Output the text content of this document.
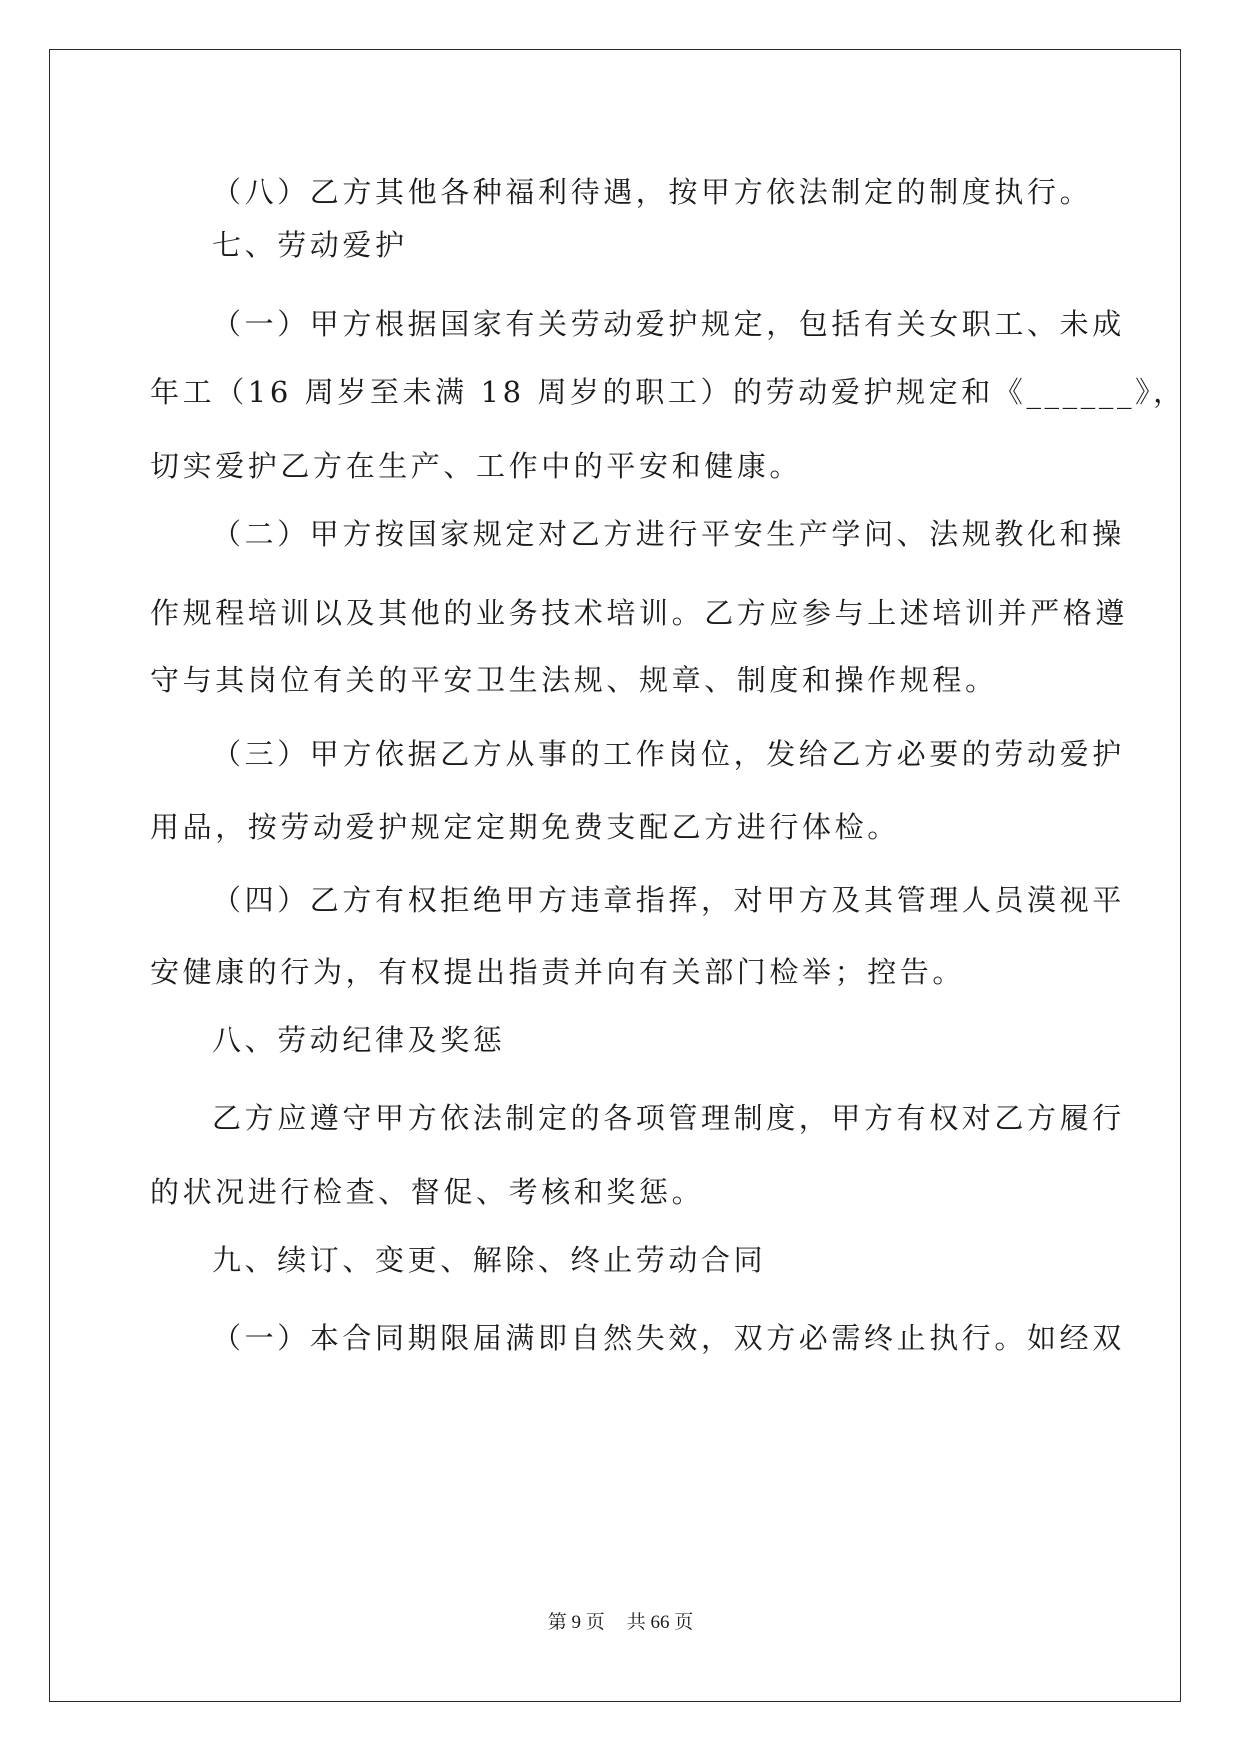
（八）乙方其他各种福利待遇，按甲方依法制定的制度执行。
七、劳动爱护
（一）甲方根据国家有关劳动爱护规定，包括有关女职工、未成
年工（16 周岁至未满 18 周岁的职工）的劳动爱护规定和《______》，
切实爱护乙方在生产、工作中的平安和健康。
（二）甲方按国家规定对乙方进行平安生产学问、法规教化和操
作规程培训以及其他的业务技术培训。乙方应参与上述培训并严格遵
守与其岗位有关的平安卫生法规、规章、制度和操作规程。
（三）甲方依据乙方从事的工作岗位，发给乙方必要的劳动爱护
用品，按劳动爱护规定定期免费支配乙方进行体检。
（四）乙方有权拒绝甲方违章指挥，对甲方及其管理人员漠视平
安健康的行为，有权提出指责并向有关部门检举；控告。
八、劳动纪律及奖惩
乙方应遵守甲方依法制定的各项管理制度，甲方有权对乙方履行
的状况进行检查、督促、考核和奖惩。
九、续订、变更、解除、终止劳动合同
（一）本合同期限届满即自然失效，双方必需终止执行。如经双
第 9 页 共 66 页
